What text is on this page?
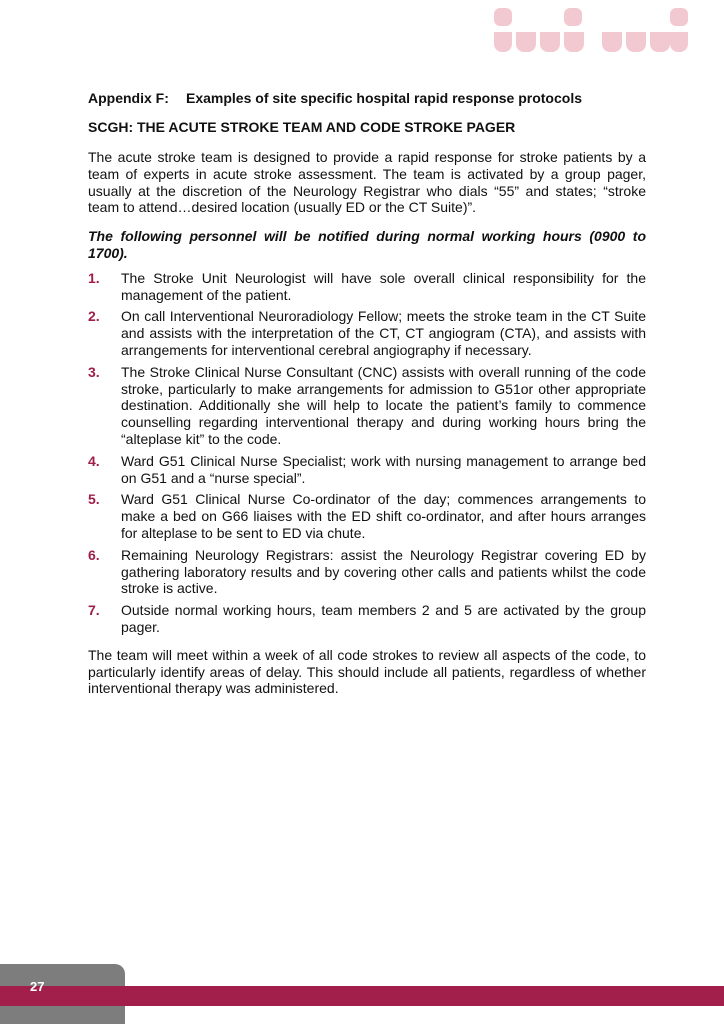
Appendix F: Examples of site specific hospital rapid response protocols
SCGH: THE ACUTE STROKE TEAM AND CODE STROKE PAGER

The acute stroke team is designed to provide a rapid response for stroke patients by a team of experts in acute stroke assessment. The team is activated by a group pager, usually at the discretion of the Neurology Registrar who dials “55” and states; “stroke team to attend…desired location (usually ED or the CT Suite)”.

The following personnel will be notified during normal working hours (0900 to 1700).

1. The Stroke Unit Neurologist will have sole overall clinical responsibility for the management of the patient.
2. On call Interventional Neuroradiology Fellow; meets the stroke team in the CT Suite and assists with the interpretation of the CT, CT angiogram (CTA), and assists with arrangements for interventional cerebral angiography if necessary.
3. The Stroke Clinical Nurse Consultant (CNC) assists with overall running of the code stroke, particularly to make arrangements for admission to G51or other appropriate destination. Additionally she will help to locate the patient’s family to commence counselling regarding interventional therapy and during working hours bring the “alteplase kit” to the code.
4. Ward G51 Clinical Nurse Specialist; work with nursing management to arrange bed on G51 and a “nurse special”.
5. Ward G51 Clinical Nurse Co-ordinator of the day; commences arrangements to make a bed on G66 liaises with the ED shift co-ordinator, and after hours arranges for alteplase to be sent to ED via chute.
6. Remaining Neurology Registrars: assist the Neurology Registrar covering ED by gathering laboratory results and by covering other calls and patients whilst the code stroke is active.
7. Outside normal working hours, team members 2 and 5 are activated by the group pager.

The team will meet within a week of all code strokes to review all aspects of the code, to particularly identify areas of delay. This should include all patients, regardless of whether interventional therapy was administered.

27
